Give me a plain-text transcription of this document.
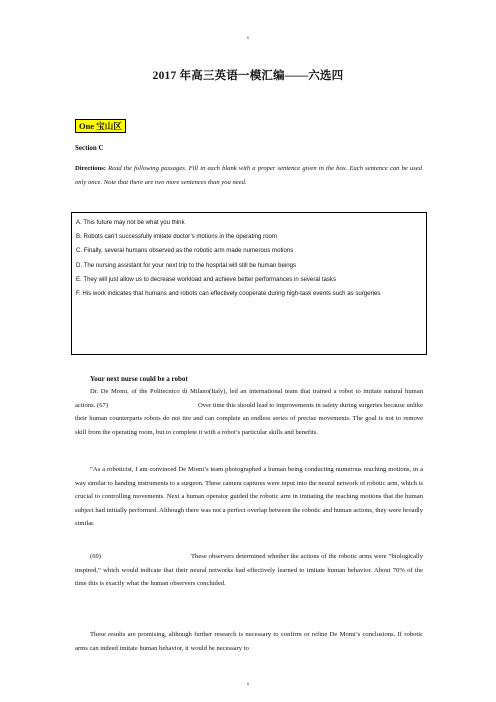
s
2017 年高三英语一模汇编——六选四
One 宝山区
Section C
Directions: Read the following passages. Fill in each blank with a proper sentence given in the box. Each sentence can be used only once. Note that there are two more sentences than you need.
A. This future may not be what you think
B. Robots can’t successfully imitate doctor’s motions in the operating room
C. Finally, several humans observed as the robotic arm made numerous motions
D. The nursing assistant for your next trip to the hospital will still be human beings
E. They will just allow us to decrease workload and achieve better performances in several tasks
F. His work indicates that humans and robots can effectively cooperate during high-task events such as surgeries
Your next nurse could be a robot
Dr. De Momi, of the Politecnico di Milano(Italy), led an international team that trained a robot to imitate natural human actions. (67)	Over time this should lead to improvements in safety during surgeries because unlike their human counterparts robots do not tire and can complete an endless series of precise movements. The goal is not to remove skill from the operating room, but to complete it with a robot’s particular skills and benefits.
“As a roboticist, I am convinced De Momi’s team photographed a human being conducting numerous reaching motions, in a way similar to handing instruments to a surgeon. These camera captures were input into the neural network of robotic arm, which is crucial to controlling movements. Next a human operator guided the robotic arm in imitating the reaching motions that the human subject had initially performed. Although there was not a perfect overlap between the robotic and human actions, they were broadly similar.
(69)	These observers determined whether the actions of the robotic arms were “biologically inspired,” which would indicate that their neural networks had effectively learned to imitate human behavior. About 70% of the time this is exactly what the human observers concluded.
These results are promising, although further research is necessary to confirm or refine De Momi’s conclusions. If robotic arms can indeed imitate human behavior, it would be necessary to
s
